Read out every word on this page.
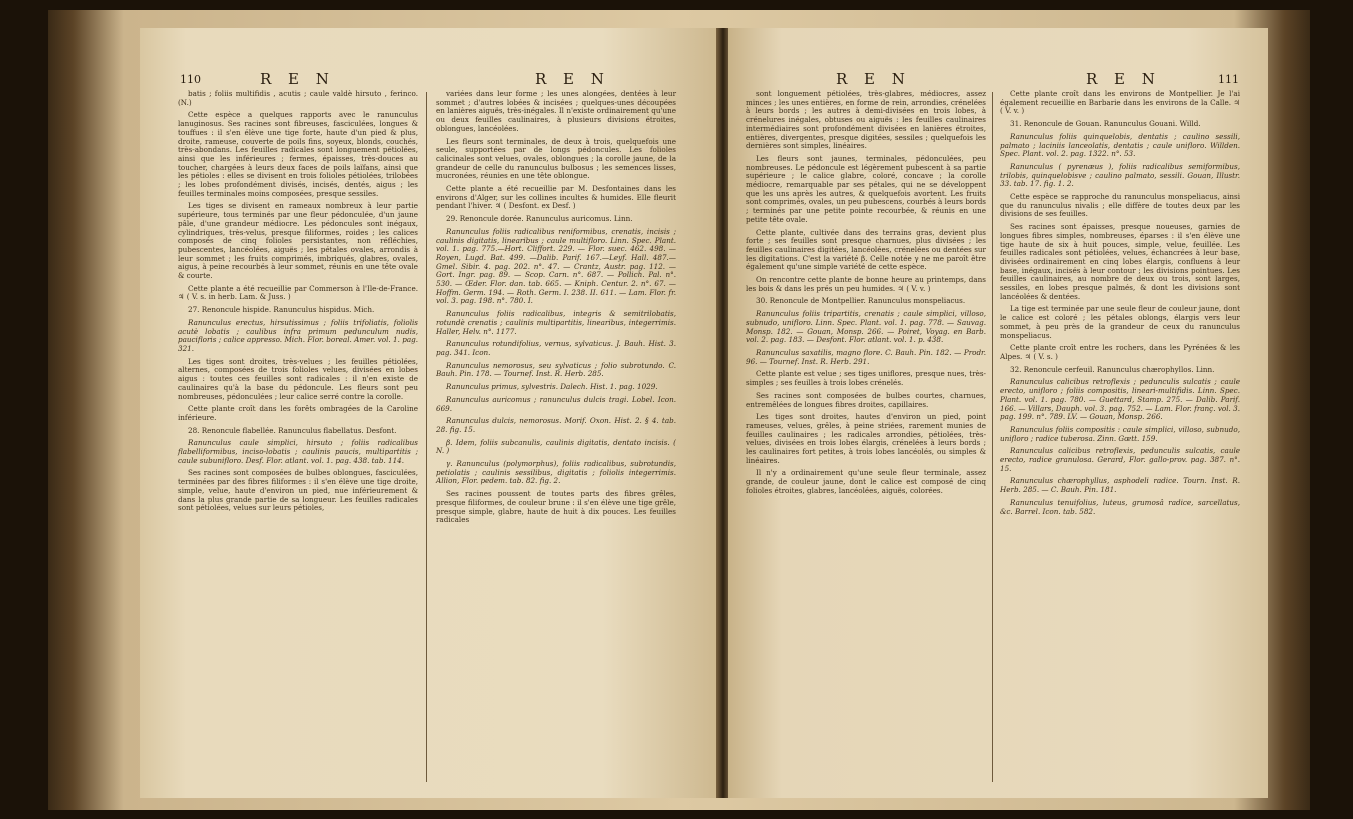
110	R E N	R E N

batis ; foliis multifidis , acutis ; caule valdè hirsuto , ferinco. (N.)

Cette espèce a quelques rapports avec le ranunculus lanuginosus. Ses racines sont fibreuses, fasciculées, longues & touffues : il s'en élève une tige forte, haute d'un pied & plus, droite, rameuse, couverte de poils fins, soyeux, blonds, couchés, très-abondans. Les feuilles radicales sont longuement pétiolées, ainsi que les inférieures ; fermes, épaisses, très-douces au toucher, chargées à leurs deux faces de poils laïfans, ainsi que les pétioles : elles se divisent en trois folioles pétiolées, trilobées ; les lobes profondément divisés, incisés, dentés, aigus ; les feuilles terminales moins composées, presque sessiles.

Les tiges se divisent en rameaux nombreux à leur partie supérieure, tous terminés par une fleur pédonculée, d'un jaune pâle, d'une grandeur médiocre. Les pédoncules sont inégaux, cylindriques, très-velus, presque filiformes, roides ; les calices composés de cinq folioles persistantes, non réfléchies, pubescentes, lancéolées, aiguës ; les pétales ovales, arrondis à leur sommet ; les fruits comprimés, imbriqués, glabres, ovales, aigus, à peine recourbés à leur sommet, réunis en une tête ovale & courte.

Cette plante a été recueillie par Commerson à l'Ile-de-France. ♃ ( V. s. in herb. Lam. & Juss. )

27. Renoncule hispide. Ranunculus hispidus. Mich.

Ranunculus erectus, hirsutissimus ; foliis trifoliatis, foliolis acutè lobatis ; caulibus infra primum pedunculum nudis, paucifloris ; calice appresso. Mich. Flor. boreal. Amer. vol. 1. pag. 321.

Les tiges sont droites, très-velues ; les feuilles pétiolées, alternes, composées de trois folioles velues, divisées en lobes aigus : toutes ces feuilles sont radicales : il n'en existe de caulinaires qu'à la base du pédoncule. Les fleurs sont peu nombreuses, pédonculées ; leur calice serré contre la corolle.

Cette plante croît dans les forêts ombragées de la Caroline inférieure.

28. Renoncule flabellée. Ranunculus flabellatus. Desfont.

Ranunculus caule simplici, hirsuto ; foliis radicalibus flabelliformibus, inciso-lobatis ; caulinis paucis, multipartitis ; caule subunifloro. Desf. Flor. atlant. vol. 1. pag. 438. tab. 114.

Ses racines sont composées de bulbes oblongues, fasciculées, terminées par des fibres filiformes : il s'en élève une tige droite, simple, velue, haute d'environ un pied, nue inférieurement & dans la plus grande partie de sa longueur. Les feuilles radicales sont pétiolées, velues sur leurs pétioles,

variées dans leur forme ; les unes alongées, dentées à leur sommet ; d'autres lobées & incisées ; quelques-unes découpées en lanières aiguës, très-inégales. Il n'existe ordinairement qu'une ou deux feuilles caulinaires, à plusieurs divisions étroites, oblongues, lancéolées.

Les fleurs sont terminales, de deux à trois, quelquefois une seule, supportées par de longs pédoncules. Les folioles calicinales sont velues, ovales, oblongues ; la corolle jaune, de la grandeur de celle du ranunculus bulbosus ; les semences lisses, mucronées, réunies en une tête oblongue.

Cette plante a été recueillie par M. Desfontaines dans les environs d'Alger, sur les collines incultes & humides. Elle fleurit pendant l'hiver. ♃ ( Desfont. ex Desf. )

29. Renoncule dorée. Ranunculus auricomus. Linn.

Ranunculus foliis radicalibus reniformibus, crenatis, incisis ; caulinis digitatis, linearibus ; caule multifloro. Linn. Spec. Plant. vol. 1. pag. 775.—Hort. Cliffort. 229. — Flor. suec. 462. 498. — Royen, Lugd. Bat. 499. —Dalib. Parif. 167.—Leyf. Hall. 487.—Gmel. Sibir. 4. pag. 202. n°. 47. — Crantz, Austr. pag. 112. — Gort. Ingr. pag. 89. — Scop. Carn. n°. 687. — Pollich. Pal. n°. 530. — Œder. Flor. dan. tab. 665. — Kniph. Centur. 2. n°. 67. — Hoffm. Germ. 194. — Roth. Germ. I. 238. II. 611. — Lam. Flor. fr. vol. 3. pag. 198. n°. 780. I.

Ranunculus foliis radicalibus, integris & semitrilobatis, rotundè crenatis ; caulinis multipartitis, linearibus, integerrimis. Haller, Helv. n°. 1177.

Ranunculus rotundifolius, vernus, sylvaticus. J. Bauh. Hist. 3. pag. 341. Icon.

Ranunculus nemorosus, seu sylvaticus ; folio subrotundo. C. Bauh. Pin. 178. — Tournef. Inst. R. Herb. 285.

Ranunculus primus, sylvestris. Dalech. Hist. 1. pag. 1029.

Ranunculus auricomus ; ranunculus dulcis tragi. Lobel. Icon. 669.

Ranunculus dulcis, nemorosus. Morif. Oxon. Hist. 2. § 4. tab. 28. fig. 15.

β. Idem, foliis subcanulis, caulinis digitatis, dentato incisis. ( N. )

γ. Ranunculus (polymorphus), foliis radicalibus, subrotundis, petiolatis ; caulinis sessilibus, digitatis ; foliolis integerrimis. Allion, Flor. pedem. tab. 82. fig. 2.

Ses racines poussent de toutes parts des fibres grêles, presque filiformes, de couleur brune : il s'en élève une tige grêle, presque simple, glabre, haute de huit à dix pouces. Les feuilles radicales

R E N	R E N	111

sont longuement pétiolées, très-glabres, médiocres, assez minces ; les unes entières, en forme de rein, arrondies, crénelées à leurs bords ; les autres à demi-divisées en trois lobes, à crénelures inégales, obtuses ou aiguës : les feuilles caulinaires intermédiaires sont profondément divisées en lanières étroites, entières, divergentes, presque digitées, sessiles ; quelquefois les dernières sont simples, linéaires.

Les fleurs sont jaunes, terminales, pédonculées, peu nombreuses. Le pédoncule est légèrement pubescent à sa partie supérieure ; le calice glabre, coloré, concave ; la corolle médiocre, remarquable par ses pétales, qui ne se développent que les uns après les autres, & quelquefois avortent. Les fruits sont comprimés, ovales, un peu pubescens, courbés à leurs bords ; terminés par une petite pointe recourbée, & réunis en une petite tête ovale.

Cette plante, cultivée dans des terrains gras, devient plus forte ; ses feuilles sont presque charnues, plus divisées ; les feuilles caulinaires digitées, lancéolées, crénelées ou dentées sur les digitations. C'est la variété β. Celle notée γ ne me paroît être également qu'une simple variété de cette espèce.

On rencontre cette plante de bonne heure au printemps, dans les bois & dans les prés un peu humides. ♃ ( V. v. )

30. Renoncule de Montpellier. Ranunculus monspeliacus.

Ranunculus foliis tripartitis, crenatis ; caule simplici, villoso, subnudo, unifloro. Linn. Spec. Plant. vol. 1. pag. 778. — Sauvag. Monsp. 182. — Gouan, Monsp. 266. — Poiret, Voyag. en Barb. vol. 2. pag. 183. — Desfont. Flor. atlant. vol. 1. p. 438.

Ranunculus saxatilis, magno flore. C. Bauh. Pin. 182. — Prodr. 96. — Tournef. Inst. R. Herb. 291.

Cette plante est velue ; ses tiges uniflores, presque nues, très-simples ; ses feuilles à trois lobes crénelés.

Ses racines sont composées de bulbes courtes, charnues, entremêlées de longues fibres droites, capillaires.

Les tiges sont droites, hautes d'environ un pied, point rameuses, velues, grêles, à peine striées, rarement munies de feuilles caulinaires ; les radicales arrondies, pétiolées, très-velues, divisées en trois lobes élargis, crénelées à leurs bords ; les caulinaires fort petites, à trois lobes lancéolés, ou simples & linéaires.

Il n'y a ordinairement qu'une seule fleur terminale, assez grande, de couleur jaune, dont le calice est composé de cinq folioles étroites, glabres, lancéolées, aiguës, colorées.

Cette plante croît dans les environs de Montpellier. Je l'ai également recueillie en Barbarie dans les environs de la Calle. ♃ ( V. v. )

31. Renoncule de Gouan. Ranunculus Gouani. Willd.

Ranunculus foliis quinquelobis, dentatis ; caulino sessili, palmato ; laciniis lanceolatis, dentatis ; caule unifloro. Willden. Spec. Plant. vol. 2. pag. 1322. n°. 53.

Ranunculus ( pyrenæus ), foliis radicalibus semiformibus, trilobis, quinquelobisve ; caulino palmato, sessili. Gouan, Illustr. 33. tab. 17. fig. 1. 2.

Cette espèce se rapproche du ranunculus monspeliacus, ainsi que du ranunculus nivalis ; elle diffère de toutes deux par les divisions de ses feuilles.

Ses racines sont épaisses, presque noueuses, garnies de longues fibres simples, nombreuses, éparses : il s'en élève une tige haute de six à huit pouces, simple, velue, feuillée. Les feuilles radicales sont pétiolées, velues, échancrées à leur base, divisées ordinairement en cinq lobes élargis, confluens à leur base, inégaux, incisés à leur contour ; les divisions pointues. Les feuilles caulinaires, au nombre de deux ou trois, sont larges, sessiles, en lobes presque palmés, & dont les divisions sont lancéolées & dentées.

La tige est terminée par une seule fleur de couleur jaune, dont le calice est coloré ; les pétales oblongs, élargis vers leur sommet, à peu près de la grandeur de ceux du ranunculus monspeliacus.

Cette plante croît entre les rochers, dans les Pyrénées & les Alpes. ♃ ( V. s. )

32. Renoncule cerfeuil. Ranunculus chærophyllos. Linn.

Ranunculus calicibus retroflexis ; pedunculis sulcatis ; caule erecto, unifloro ; foliis compositis, lineari-multifidis. Linn. Spec. Plant. vol. 1. pag. 780. — Guettard, Stamp. 275. — Dalib. Parif. 166. — Villars, Dauph. vol. 3. pag. 752. — Lam. Flor. franç. vol. 3. pag. 199. n°. 789. LV. — Gouan, Monsp. 266.

Ranunculus foliis compositis : caule simplici, villoso, subnudo, unifloro ; radice tuberosa. Zinn. Gœtt. 159.

Ranunculus calicibus retroflexis, pedunculis sulcatis, caule erecto, radice granulosa. Gerard, Flor. gallo-prov. pag. 387. n°. 15.

Ranunculus chærophyllus, asphodeli radice. Tourn. Inst. R. Herb. 285. — C. Bauh. Pin. 181.

Ranunculus tenuifolius, luteus, grumosâ radice, sarcellatus, &c. Barrel. Icon. tab. 582.
